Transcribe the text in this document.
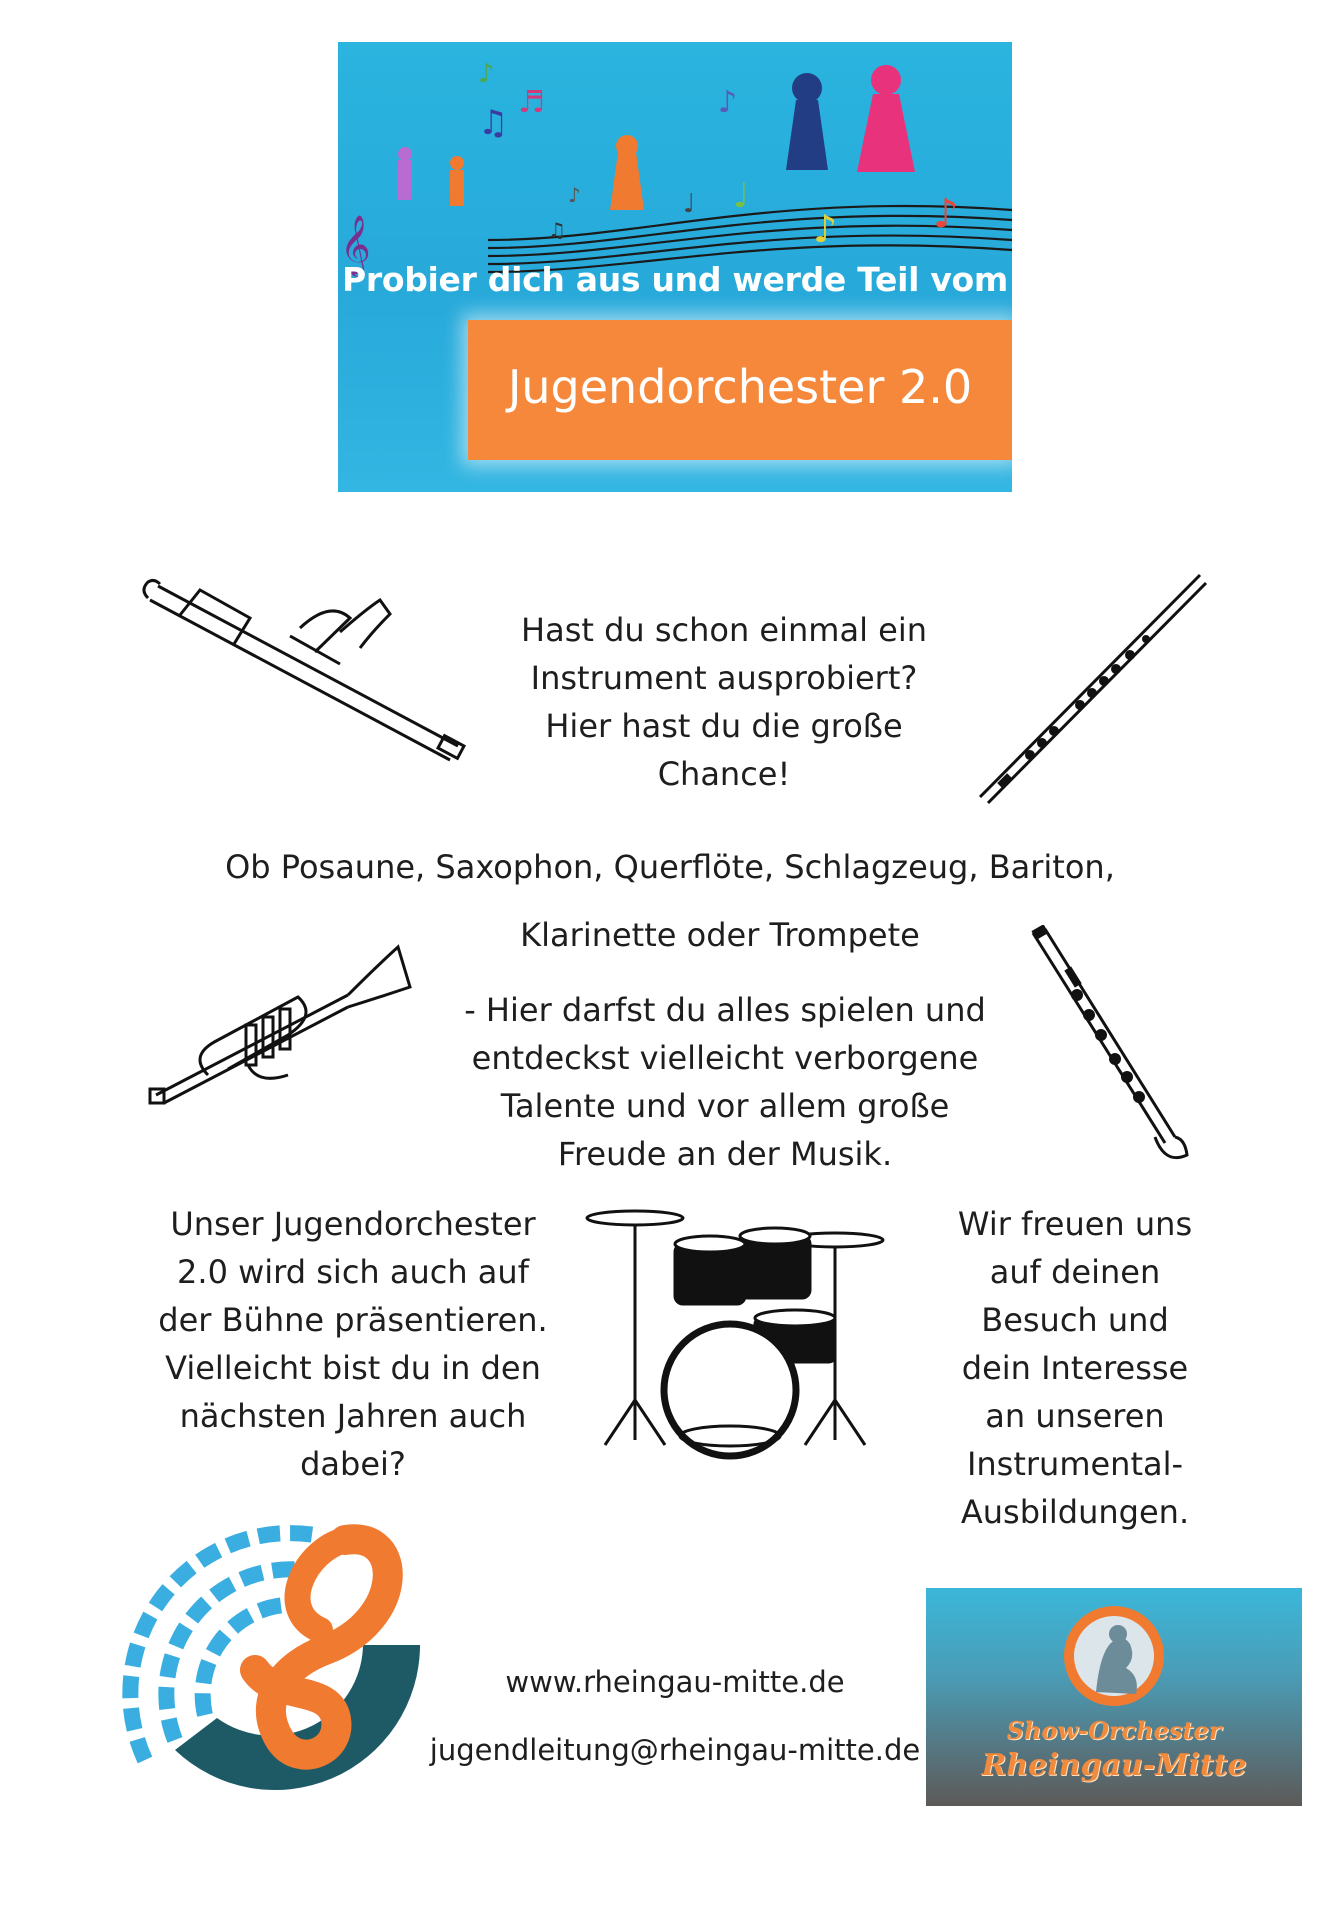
𝄞
♫
♬
♪
♪
♩
♪ ♪
♫
♩
♪
Probier dich aus und werde Teil vom
Jugendorchester 2.0
Hast du schon einmal ein
Instrument ausprobiert?
Hier hast du die große
Chance!
Ob Posaune, Saxophon, Querflöte, Schlagzeug, Bariton,
Klarinette oder Trompete
- Hier darfst du alles spielen und
entdeckst vielleicht verborgene
Talente und vor allem große
Freude an der Musik.
Unser Jugendorchester
2.0 wird sich auch auf
der Bühne präsentieren.
Vielleicht bist du in den
nächsten Jahren auch
dabei?
Wir freuen uns
auf deinen
Besuch und
dein Interesse
an unseren
Instrumental-
Ausbildungen.
www.rheingau-mitte.de
jugendleitung@rheingau-mitte.de
Show-Orchester
Rheingau-Mitte
